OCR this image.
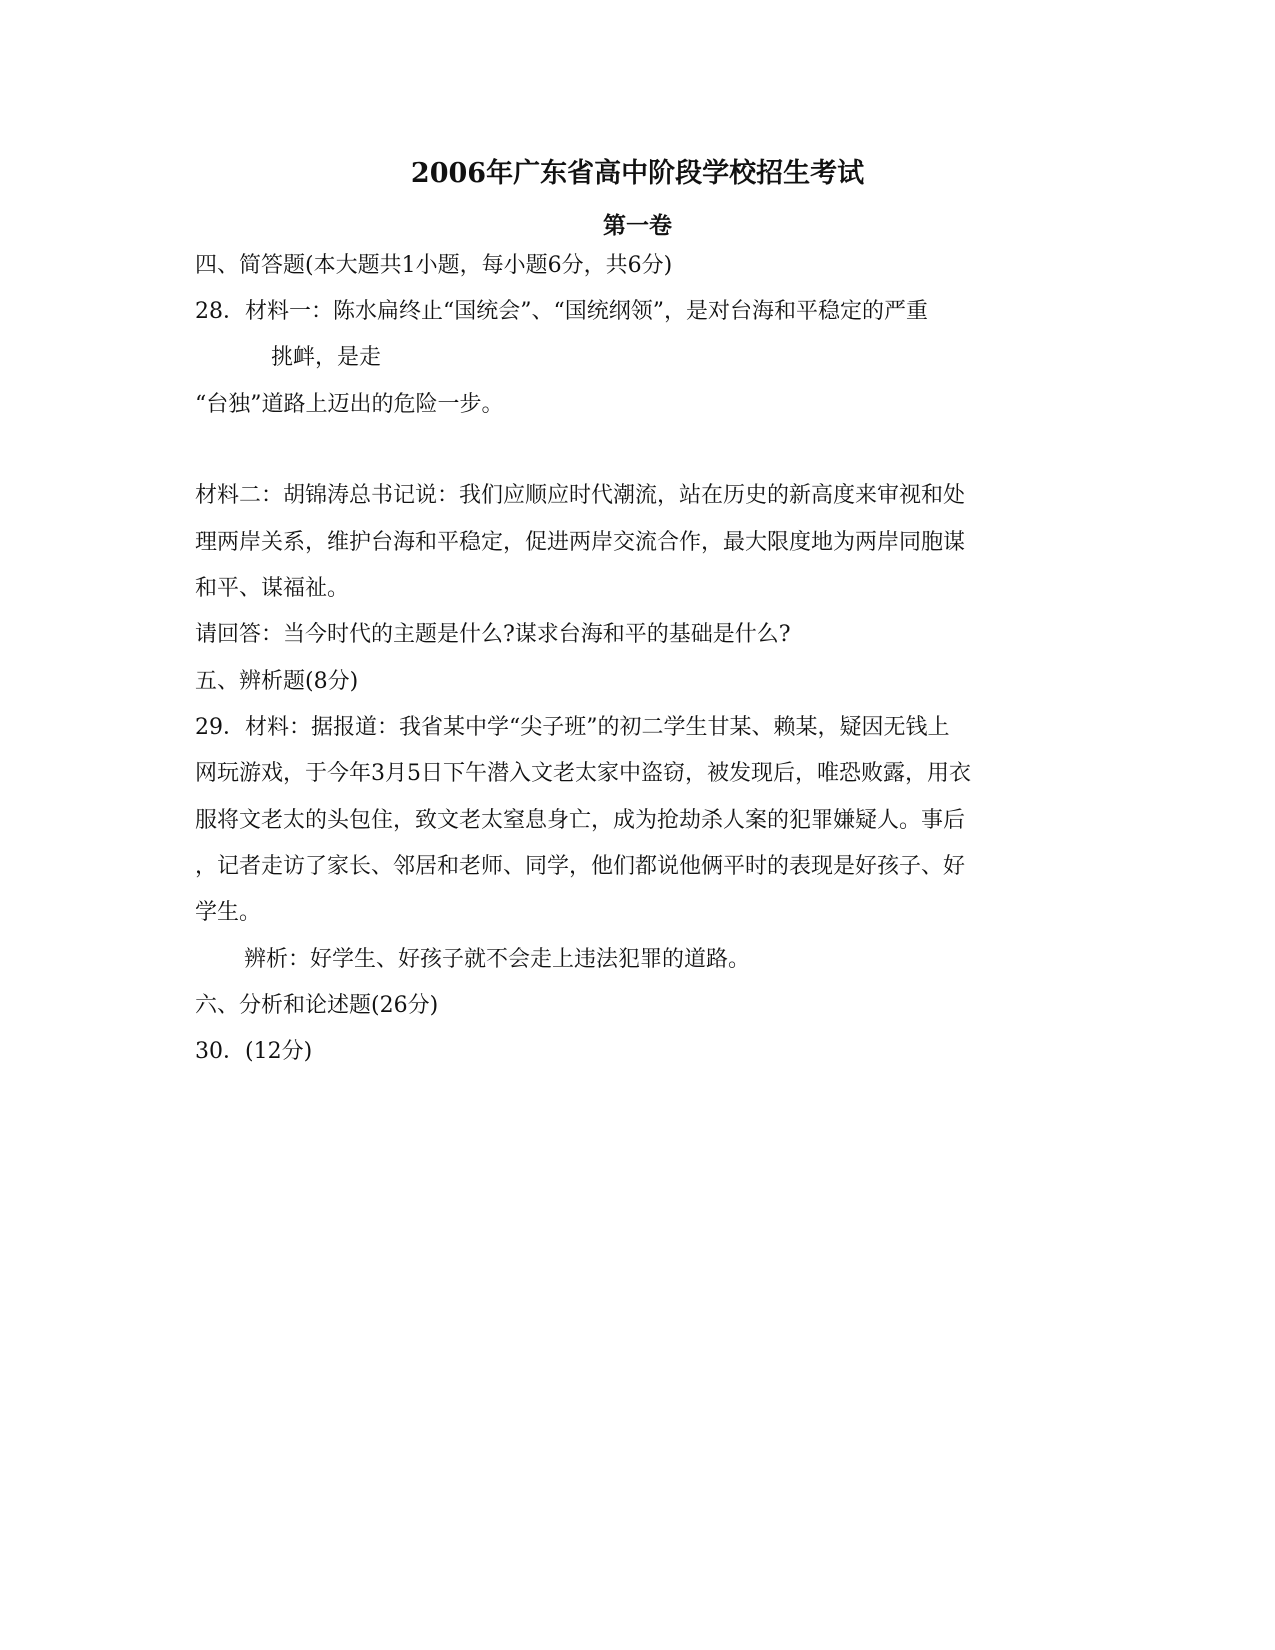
2006年广东省高中阶段学校招生考试
第一卷
四、简答题(本大题共1小题，每小题6分，共6分)
28．材料一：陈水扁终止“国统会”、“国统纲领”，是对台海和平稳定的严重
挑衅，是走
“台独”道路上迈出的危险一步。
材料二：胡锦涛总书记说：我们应顺应时代潮流，站在历史的新高度来审视和处
理两岸关系，维护台海和平稳定，促进两岸交流合作，最大限度地为两岸同胞谋
和平、谋福祉。
请回答：当今时代的主题是什么?谋求台海和平的基础是什么?
五、辨析题(8分)
29．材料：据报道：我省某中学“尖子班”的初二学生甘某、赖某，疑因无钱上
网玩游戏，于今年3月5日下午潜入文老太家中盗窃，被发现后，唯恐败露，用衣
服将文老太的头包住，致文老太窒息身亡，成为抢劫杀人案的犯罪嫌疑人。事后
，记者走访了家长、邻居和老师、同学，他们都说他俩平时的表现是好孩子、好
学生。
辨析：好学生、好孩子就不会走上违法犯罪的道路。
六、分析和论述题(26分)
30．(12分)
